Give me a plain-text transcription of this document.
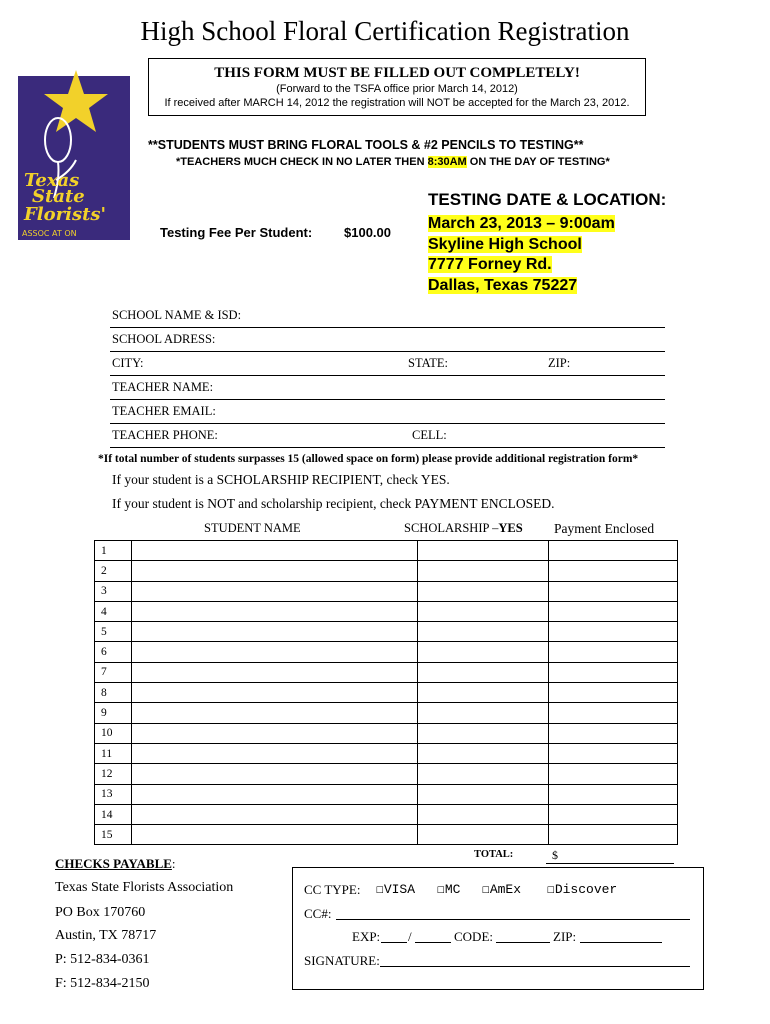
High School Floral Certification Registration
Texas
State
Florists'
ASSOC AT ON
THIS FORM MUST BE FILLED OUT COMPLETELY!
(Forward to the TSFA office prior March 14, 2012)
If received after MARCH 14, 2012 the registration will NOT be accepted for the March 23, 2012.
**STUDENTS MUST BRING FLORAL TOOLS & #2 PENCILS TO TESTING**
*TEACHERS MUCH CHECK IN NO LATER THEN 8:30AM ON THE DAY OF TESTING*
Testing Fee Per Student: $100.00
TESTING DATE & LOCATION:
March 23, 2013 – 9:00am
Skyline High School
7777 Forney Rd.
Dallas, Texas 75227
SCHOOL NAME & ISD:
SCHOOL ADRESS:
CITY:	STATE:	ZIP:
TEACHER NAME:
TEACHER EMAIL:
TEACHER PHONE:	CELL:
*If total number of students surpasses 15 (allowed space on form) please provide additional registration form*
If your student is a SCHOLARSHIP RECIPIENT, check YES.
If your student is NOT and scholarship recipient, check PAYMENT ENCLOSED.
STUDENT NAME	SCHOLARSHIP –YES Payment Enclosed
1			
2			
3			
4			
5			
6			
7			
8			
9			
10			
11			
12			
13			
14			
15			
TOTAL:	$
CHECKS PAYABLE:
Texas State Florists Association
PO Box 170760
Austin, TX 78717
P: 512-834-0361
F: 512-834-2150
CC TYPE: ☐VISA ☐MC ☐AmEx ☐Discover
CC#:
EXP: /	CODE:	ZIP:
SIGNATURE:
